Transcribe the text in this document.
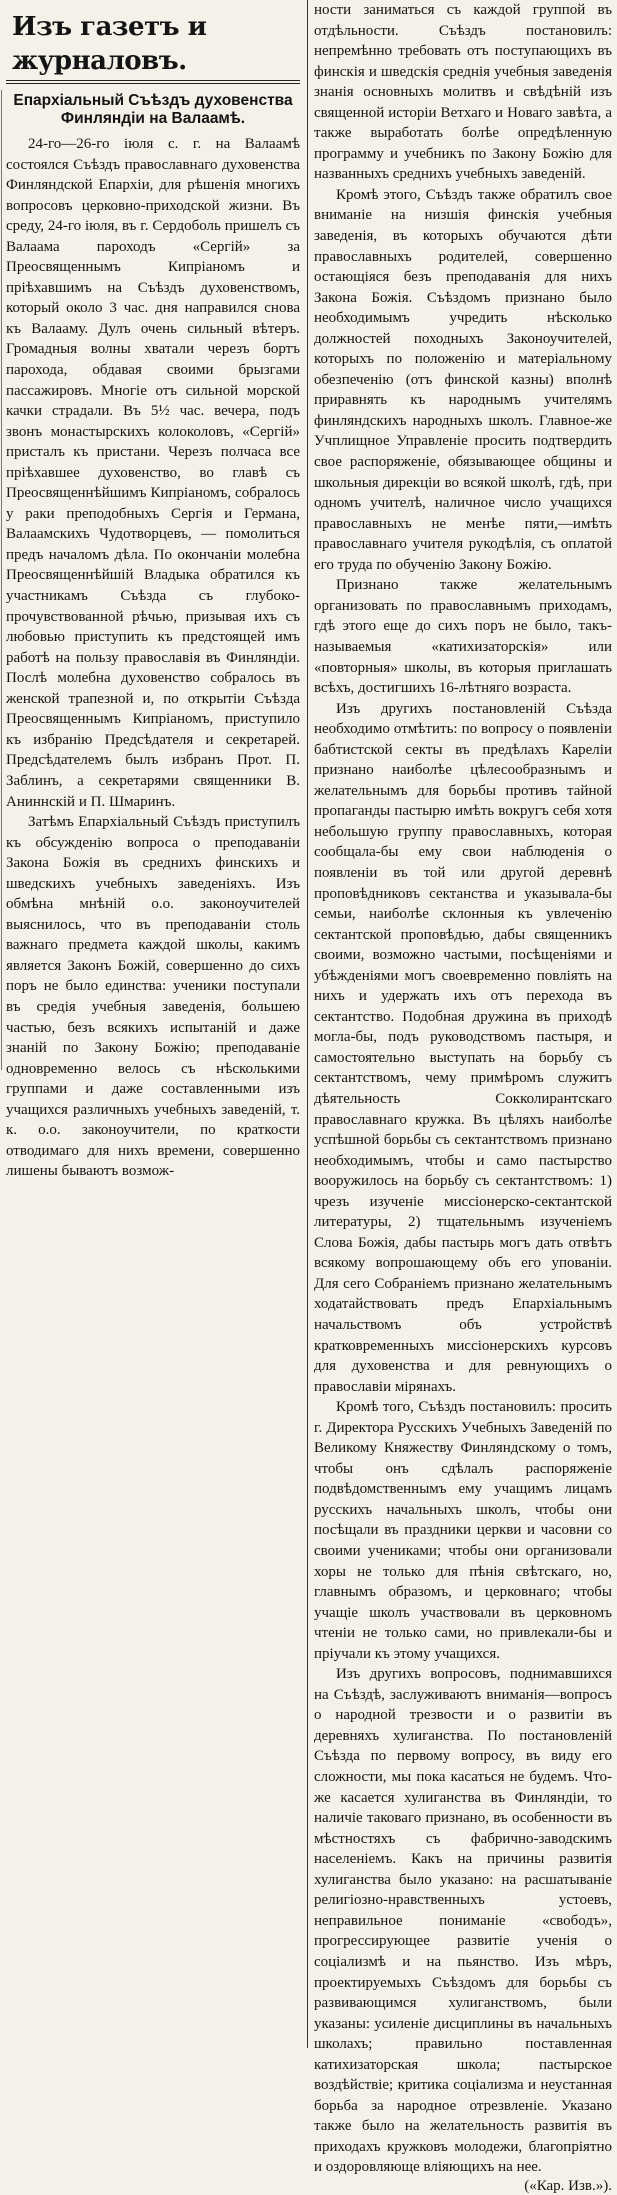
Изъ газетъ и журналовъ.
Епархiальный Съѣздъ духовенства Финляндiи на Валаамѣ.

24-го—26-го iюля с. г. на Валаамѣ состоялся Съѣздъ православнаго духовенства Финляндской Епархiи, для рѣшенiя многихъ вопросовъ церковно-приходской жизни. Въ среду, 24-го iюля, въ г. Сердоболь пришелъ съ Валаама пароходъ «Сергiй» за Преосвященнымъ Кипрiаномъ и прiѣхавшимъ на Съѣздъ духовенствомъ, который около 3 час. дня направился снова къ Валааму. Дулъ очень сильный вѣтеръ. Громадныя волны хватали черезъ бортъ парохода, обдавая своими брызгами пассажировъ. Многiе отъ сильной морской качки страдали. Въ 5½ час. вечера, подъ звонъ монастырскихъ колоколовъ, «Сергiй» присталъ къ пристани. Черезъ полчаса все прiѣхавшее духовенство, во главѣ съ Преосвященнѣйшимъ Кипрiаномъ, собралось у раки преподобныхъ Сергiя и Германа, Валаамскихъ Чудотворцевъ, — помолиться предъ началомъ дѣла. По окончанiи молебна Преосвященнѣйшiй Владыка обратился къ участникамъ Съѣзда съ глубоко-прочувствованной рѣчью, призывая ихъ съ любовью приступить къ предстоящей имъ работѣ на пользу православiя въ Финляндiи. Послѣ молебна духовенство собралось въ женской трапезной и, по открытiи Съѣзда Преосвященнымъ Кипрiаномъ, приступило къ избранiю Предсѣдателя и секретарей. Предсѣдателемъ былъ избранъ Прот. П. Заблинъ, а секретарями священники В. Аниннскiй и П. Шмаринъ.

Затѣмъ Епархiальный Съѣздъ приступилъ къ обсужденiю вопроса о преподаванiи Закона Божiя въ среднихъ финскихъ и шведскихъ учебныхъ заведенiяхъ. Изъ обмѣна мнѣнiй о.о. законоучителей выяснилось, что въ преподаванiи столь важнаго предмета каждой школы, какимъ является Законъ Божiй, совершенно до сихъ поръ не было единства: ученики поступали въ средiя учебныя заведенiя, большею частью, безъ всякихъ испытанiй и даже знанiй по Закону Божiю; преподаванiе одновременно велось съ нѣсколькими группами и даже составленными изъ учащихся различныхъ учебныхъ заведенiй, т. к. о.о. законоучители, по краткости отводимаго для нихъ времени, совершенно лишены бываютъ возмож-

ности заниматься съ каждой группой въ отдѣльности. Съѣздъ постановилъ: непремѣнно требовать отъ поступающихъ въ финскiя и шведскiя среднiя учебныя заведенiя знанiя основныхъ молитвъ и свѣдѣнiй изъ священной исторiи Ветхаго и Новаго завѣта, а также выработать болѣе опредѣленную программу и учебникъ по Закону Божiю для названныхъ среднихъ учебныхъ заведенiй.

Кромѣ этого, Съѣздъ также обратилъ свое вниманiе на низшiя финскiя учебныя заведенiя, въ которыхъ обучаются дѣти православныхъ родителей, совершенно остающiяся безъ преподаванiя для нихъ Закона Божiя. Съѣздомъ признано было необходимымъ учредить нѣсколько должностей походныхъ Законоучителей, которыхъ по положенiю и матерiальному обезпеченiю (отъ финской казны) вполнѣ приравнять къ народнымъ учителямъ финляндскихъ народныхъ школъ. Главное-же Учплищное Управленiе просить подтвердить свое распоряженiе, обязывающее общины и школьныя дирекцiи во всякой школѣ, гдѣ, при одномъ учителѣ, наличное число учащихся православныхъ не менѣе пяти,—имѣть православнаго учителя рукодѣлiя, съ оплатой его труда по обученiю Закону Божiю.

Признано также желательнымъ организовать по православнымъ приходамъ, гдѣ этого еще до сихъ поръ не было, такъ-называемыя «катихизаторскiя» или «повторныя» школы, въ которыя приглашать всѣхъ, достигшихъ 16-лѣтняго возраста.

Изъ другихъ постановленiй Съѣзда необходимо отмѣтить: по вопросу о появленiи бабтистской секты въ предѣлахъ Карелiи признано наиболѣе цѣлесообразнымъ и желательнымъ для борьбы противъ тайной пропаганды пастырю имѣть вокругъ себя хотя небольшую группу православныхъ, которая сообщала-бы ему свои наблюденiя о появленiи въ той или другой деревнѣ проповѣдниковъ сектанства и указывала-бы семьи, наиболѣе склонныя къ увлеченiю сектантской проповѣдью, дабы священникъ своими, возможно частыми, посѣщенiями и убѣжденiями могъ своевременно повлiять на нихъ и удержать ихъ отъ перехода въ сектантство. Подобная дружина въ приходѣ могла-бы, подъ руководствомъ пастыря, и самостоятельно выступать на борьбу съ сектантствомъ, чему примѣромъ служитъ дѣятельность Сокколирантскаго православнаго кружка. Въ цѣляхъ наиболѣе успѣшной борьбы съ сектантствомъ признано необходимымъ, чтобы и само пастырство вооружилось на борьбу съ сектантствомъ: 1) чрезъ изученiе миссiонерско-сектантской литературы, 2) тщательнымъ изученiемъ Слова Божiя, дабы пастырь могъ дать отвѣтъ всякому вопрошающему объ его упованiи. Для сего Собранiемъ признано желательнымъ ходатайствовать предъ Епархiальнымъ начальствомъ объ устройствѣ кратковременныхъ миссiонерскихъ курсовъ для духовенства и для ревнующихъ о православiи мiрянахъ.

Кромѣ того, Съѣздъ постановилъ: просить г. Директора Русскихъ Учебныхъ Заведенiй по Великому Княжеству Финляндскому о томъ, чтобы онъ сдѣлалъ распоряженiе подвѣдомственнымъ ему учащимъ лицамъ русскихъ начальныхъ школъ, чтобы они посѣщали въ праздники церкви и часовни со своими учениками; чтобы они организовали хоры не только для пѣнiя свѣтскаго, но, главнымъ образомъ, и церковнаго; чтобы учащiе школъ участвовали въ церковномъ чтенiи не только сами, но привлекали-бы и прiучали къ этому учащихся.

Изъ другихъ вопросовъ, поднимавшихся на Съѣздѣ, заслуживаютъ вниманiя—вопросъ о народной трезвости и о развитiи въ деревняхъ хулиганства. По постановленiй Съѣзда по первому вопросу, въ виду его сложности, мы пока касаться не будемъ. Что-же касается хулиганства въ Финляндiи, то наличiе таковаго признано, въ особенности въ мѣстностяхъ съ фабрично-заводскимъ населенiемъ. Какъ на причины развитiя хулиганства было указано: на расшатыванiе религiозно-нравственныхъ устоевъ, неправильное пониманiе «свободъ», прогрессирующее развитiе ученiя о соцiализмѣ и на пьянство. Изъ мѣръ, проектируемыхъ Съѣздомъ для борьбы съ развивающимся хулиганствомъ, были указаны: усиленiе дисциплины въ начальныхъ школахъ; правильно поставленная катихизаторская школа; пастырское воздѣйствiе; критика соцiализма и неустанная борьба за народное отрезвленiе. Указано также было на желательность развитiя въ приходахъ кружковъ молодежи, благопрiятно и оздоровляюще влiяющихъ на нее.

(«Кар. Изв.»).
